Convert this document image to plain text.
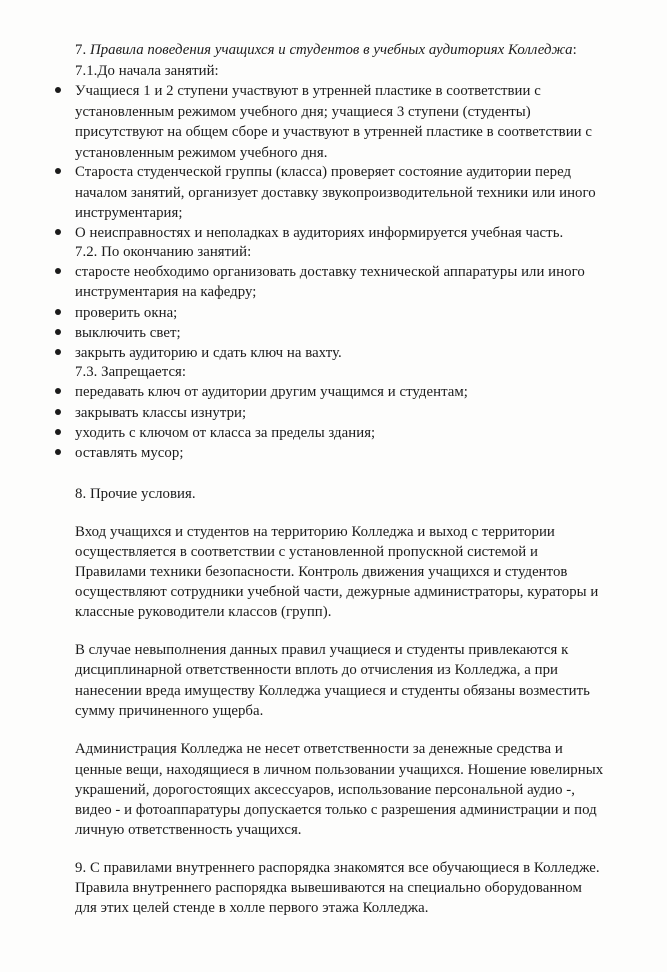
7. Правила поведения учащихся и студентов в учебных аудиториях Колледжа:
7.1.До начала занятий:
Учащиеся 1 и 2 ступени участвуют в утренней пластике в соответствии с
установленным режимом учебного дня; учащиеся 3 ступени (студенты)
присутствуют на общем сборе и участвуют в утренней пластике в соответствии с
установленным режимом учебного дня.
Староста студенческой группы (класса) проверяет состояние аудитории перед
началом занятий, организует доставку звукопроизводительной техники или иного
инструментария;
О неисправностях и неполадках в аудиториях информируется учебная часть.
7.2. По окончанию занятий:
старосте необходимо организовать доставку технической аппаратуры или иного
инструментария на кафедру;
проверить окна;
выключить свет;
закрыть аудиторию и сдать ключ на вахту.
7.3. Запрещается:
передавать ключ от аудитории другим учащимся и студентам;
закрывать классы изнутри;
уходить с ключом от класса за пределы здания;
оставлять мусор;
8. Прочие условия.
Вход учащихся и студентов на территорию Колледжа и выход с территории
осуществляется в соответствии с установленной пропускной системой и
Правилами техники безопасности. Контроль движения учащихся и студентов
осуществляют сотрудники учебной части, дежурные администраторы, кураторы и
классные руководители классов (групп).
В случае невыполнения данных правил учащиеся и студенты привлекаются к
дисциплинарной ответственности вплоть до отчисления из Колледжа, а при
нанесении вреда имуществу Колледжа учащиеся и студенты обязаны возместить
сумму причиненного ущерба.
Администрация Колледжа не несет ответственности за денежные средства и
ценные вещи, находящиеся в личном пользовании учащихся. Ношение ювелирных
украшений, дорогостоящих аксессуаров, использование персональной аудио -,
видео - и фотоаппаратуры допускается только с разрешения администрации и под
личную ответственность учащихся.
9. С правилами внутреннего распорядка знакомятся все обучающиеся в Колледже.
Правила внутреннего распорядка вывешиваются на специально оборудованном
для этих целей стенде в холле первого этажа Колледжа.
